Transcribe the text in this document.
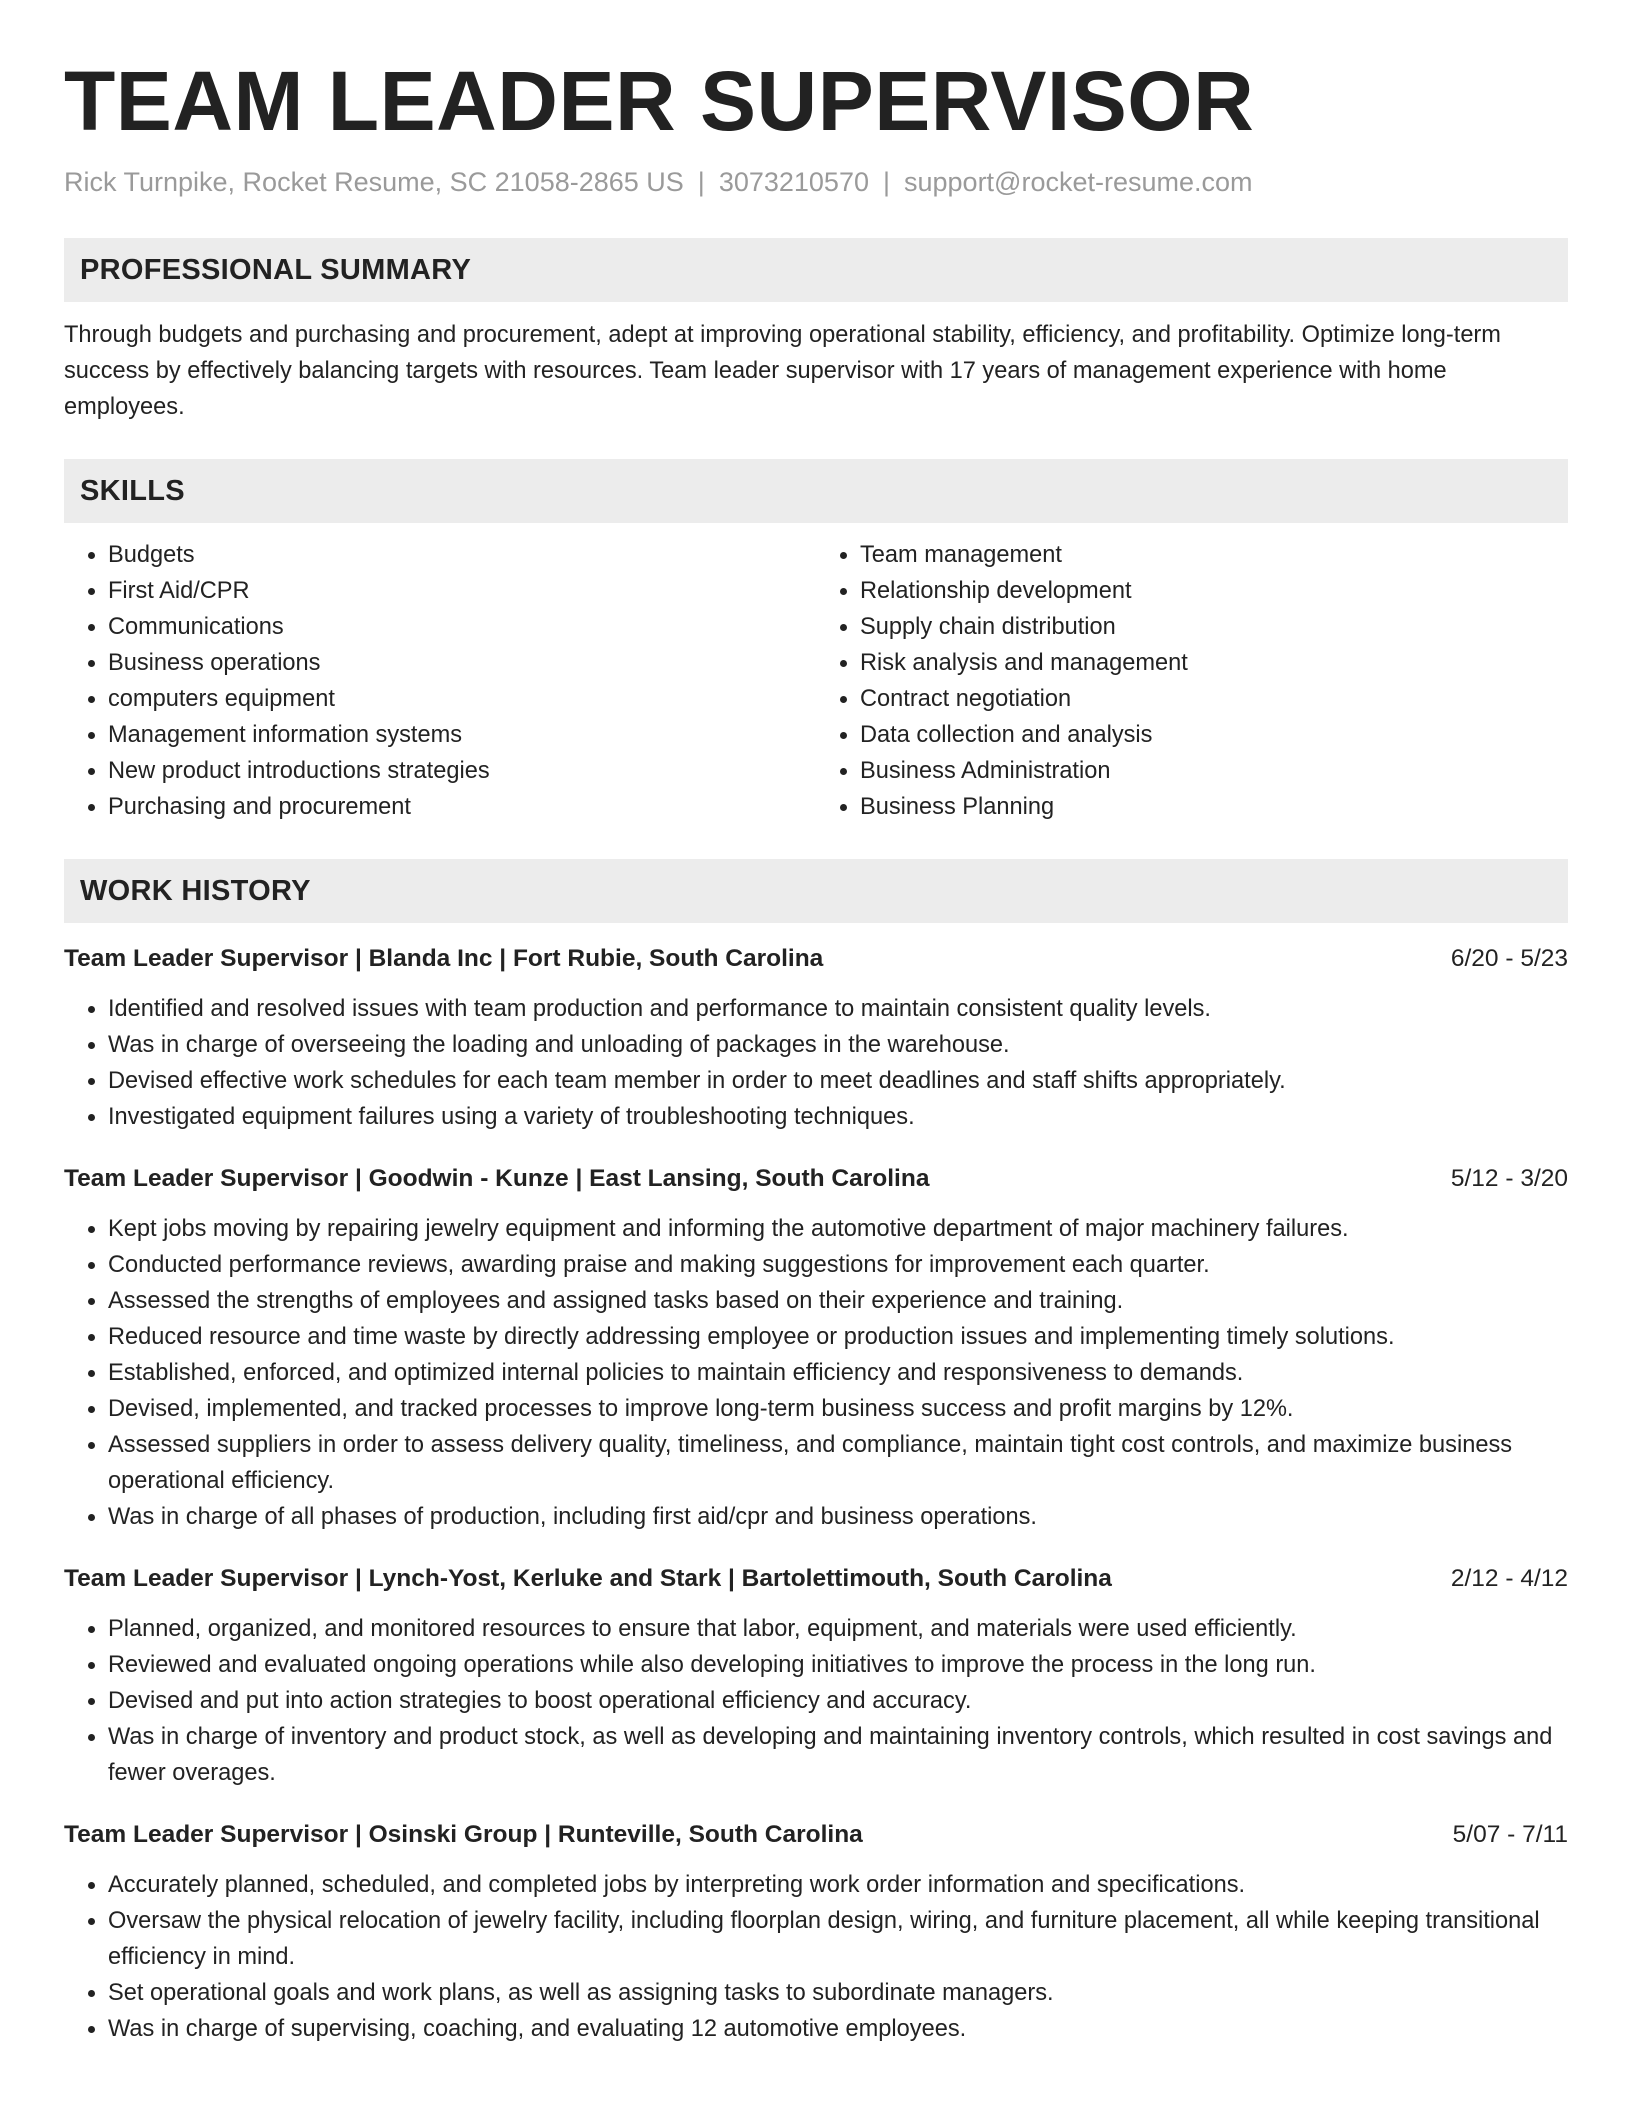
TEAM LEADER SUPERVISOR
Rick Turnpike, Rocket Resume, SC 21058-2865 US | 3073210570 | support@rocket-resume.com
PROFESSIONAL SUMMARY

Through budgets and purchasing and procurement, adept at improving operational stability, efficiency, and profitability. Optimize long-term success by effectively balancing targets with resources. Team leader supervisor with 17 years of management experience with home employees.

SKILLS
• Budgets
• First Aid/CPR
• Communications
• Business operations
• computers equipment
• Management information systems
• New product introductions strategies
• Purchasing and procurement
• Team management
• Relationship development
• Supply chain distribution
• Risk analysis and management
• Contract negotiation
• Data collection and analysis
• Business Administration
• Business Planning
WORK HISTORY
Team Leader Supervisor | Blanda Inc | Fort Rubie, South Carolina	6/20 - 5/23
• Identified and resolved issues with team production and performance to maintain consistent quality levels.
• Was in charge of overseeing the loading and unloading of packages in the warehouse.
• Devised effective work schedules for each team member in order to meet deadlines and staff shifts appropriately.
• Investigated equipment failures using a variety of troubleshooting techniques.
Team Leader Supervisor | Goodwin - Kunze | East Lansing, South Carolina	5/12 - 3/20
• Kept jobs moving by repairing jewelry equipment and informing the automotive department of major machinery failures.
• Conducted performance reviews, awarding praise and making suggestions for improvement each quarter.
• Assessed the strengths of employees and assigned tasks based on their experience and training.
• Reduced resource and time waste by directly addressing employee or production issues and implementing timely solutions.
• Established, enforced, and optimized internal policies to maintain efficiency and responsiveness to demands.
• Devised, implemented, and tracked processes to improve long-term business success and profit margins by 12%.
• Assessed suppliers in order to assess delivery quality, timeliness, and compliance, maintain tight cost controls, and maximize business operational efficiency.
• Was in charge of all phases of production, including first aid/cpr and business operations.
Team Leader Supervisor | Lynch-Yost, Kerluke and Stark | Bartolettimouth, South Carolina	2/12 - 4/12
• Planned, organized, and monitored resources to ensure that labor, equipment, and materials were used efficiently.
• Reviewed and evaluated ongoing operations while also developing initiatives to improve the process in the long run.
• Devised and put into action strategies to boost operational efficiency and accuracy.
• Was in charge of inventory and product stock, as well as developing and maintaining inventory controls, which resulted in cost savings and fewer overages.
Team Leader Supervisor | Osinski Group | Runteville, South Carolina	5/07 - 7/11
• Accurately planned, scheduled, and completed jobs by interpreting work order information and specifications.
• Oversaw the physical relocation of jewelry facility, including floorplan design, wiring, and furniture placement, all while keeping transitional efficiency in mind.
• Set operational goals and work plans, as well as assigning tasks to subordinate managers.
• Was in charge of supervising, coaching, and evaluating 12 automotive employees.
